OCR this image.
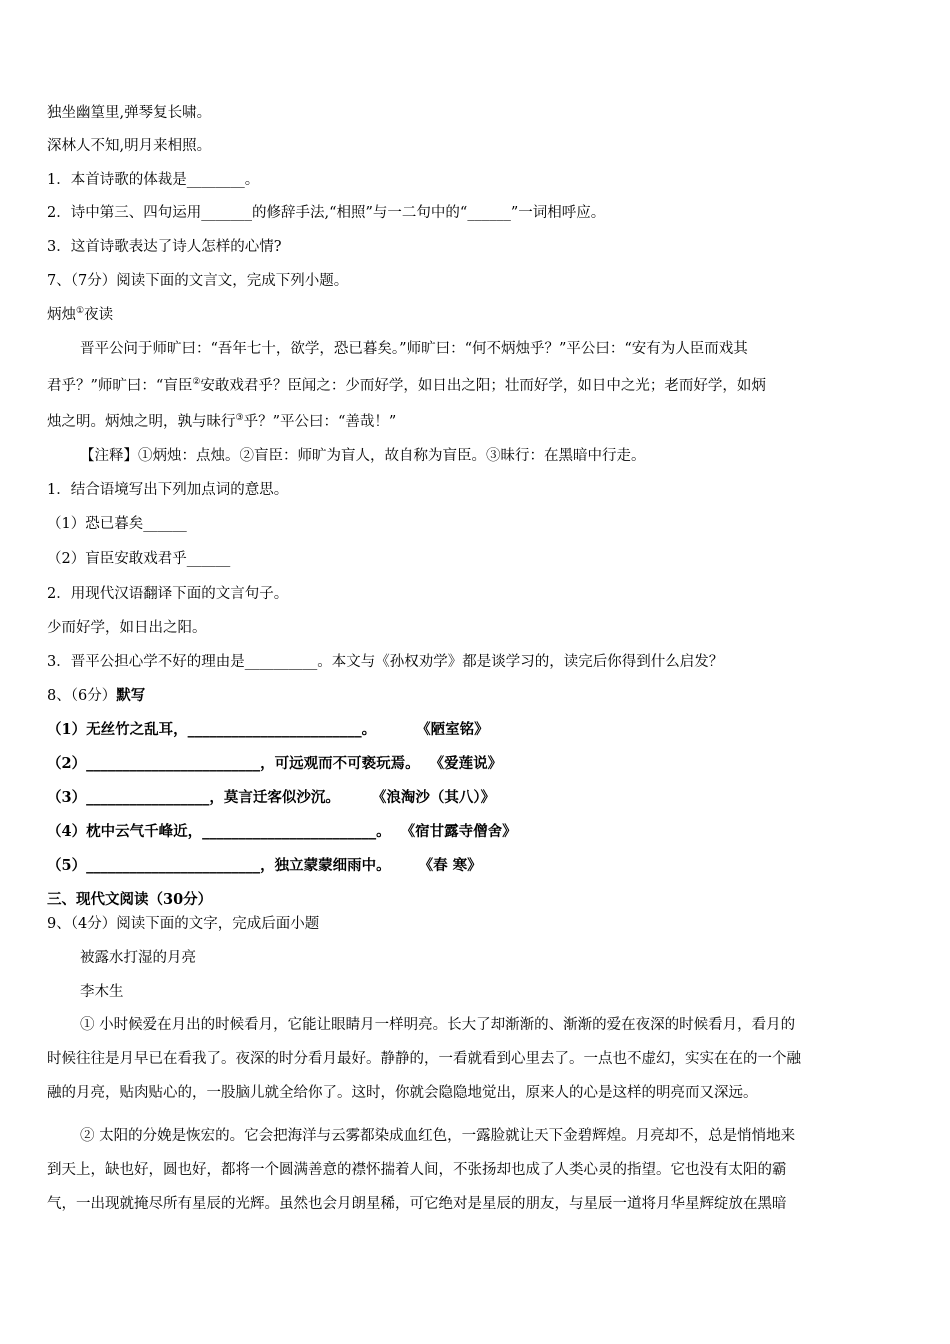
独坐幽篁里,弹琴复长啸。
深林人不知,明月来相照。
1．本首诗歌的体裁是________。
2．诗中第三、四句运用_______的修辞手法,“相照”与一二句中的“______”一词相呼应。
3．这首诗歌表达了诗人怎样的心情?
7、（7分）阅读下面的文言文，完成下列小题。
炳烛①夜读
晋平公问于师旷曰：“吾年七十，欲学，恐已暮矣。”师旷曰：“何不炳烛乎？”平公曰：“安有为人臣而戏其
君乎？”师旷曰：“盲臣②安敢戏君乎？臣闻之：少而好学，如日出之阳；壮而好学，如日中之光；老而好学，如炳
烛之明。炳烛之明，孰与昧行③乎？”平公曰：“善哉！”
【注释】①炳烛：点烛。②盲臣：师旷为盲人，故自称为盲臣。③昧行：在黑暗中行走。
1．结合语境写出下列加点词的意思。
（1）恐已暮矣______
（2）盲臣安敢戏君乎______
2．用现代汉语翻译下面的文言句子。
少而好学，如日出之阳。
3．晋平公担心学不好的理由是__________。本文与《孙权劝学》都是谈学习的，读完后你得到什么启发？
8、（6分）默写
（1）无丝竹之乱耳，________________________。	《陋室铭》
（2）________________________，可远观而不可亵玩焉。 《爱莲说》
（3）_________________，莫言迁客似沙沉。 《浪淘沙（其八）》
（4）枕中云气千峰近，________________________。 《宿甘露寺僧舍》
（5）________________________，独立蒙蒙细雨中。 《春 寒》
三、现代文阅读（30分）
9、（4分）阅读下面的文字，完成后面小题
被露水打湿的月亮
李木生
① 小时候爱在月出的时候看月，它能让眼睛月一样明亮。长大了却渐渐的、渐渐的爱在夜深的时候看月，看月的
时候往往是月早已在看我了。夜深的时分看月最好。静静的，一看就看到心里去了。一点也不虚幻，实实在在的一个融
融的月亮，贴肉贴心的，一股脑儿就全给你了。这时，你就会隐隐地觉出，原来人的心是这样的明亮而又深远。
② 太阳的分娩是恢宏的。它会把海洋与云雾都染成血红色，一露脸就让天下金碧辉煌。月亮却不，总是悄悄地来
到天上，缺也好，圆也好，都将一个圆满善意的襟怀揣着人间，不张扬却也成了人类心灵的指望。它也没有太阳的霸
气，一出现就掩尽所有星辰的光辉。虽然也会月朗星稀，可它绝对是星辰的朋友，与星辰一道将月华星辉绽放在黑暗
